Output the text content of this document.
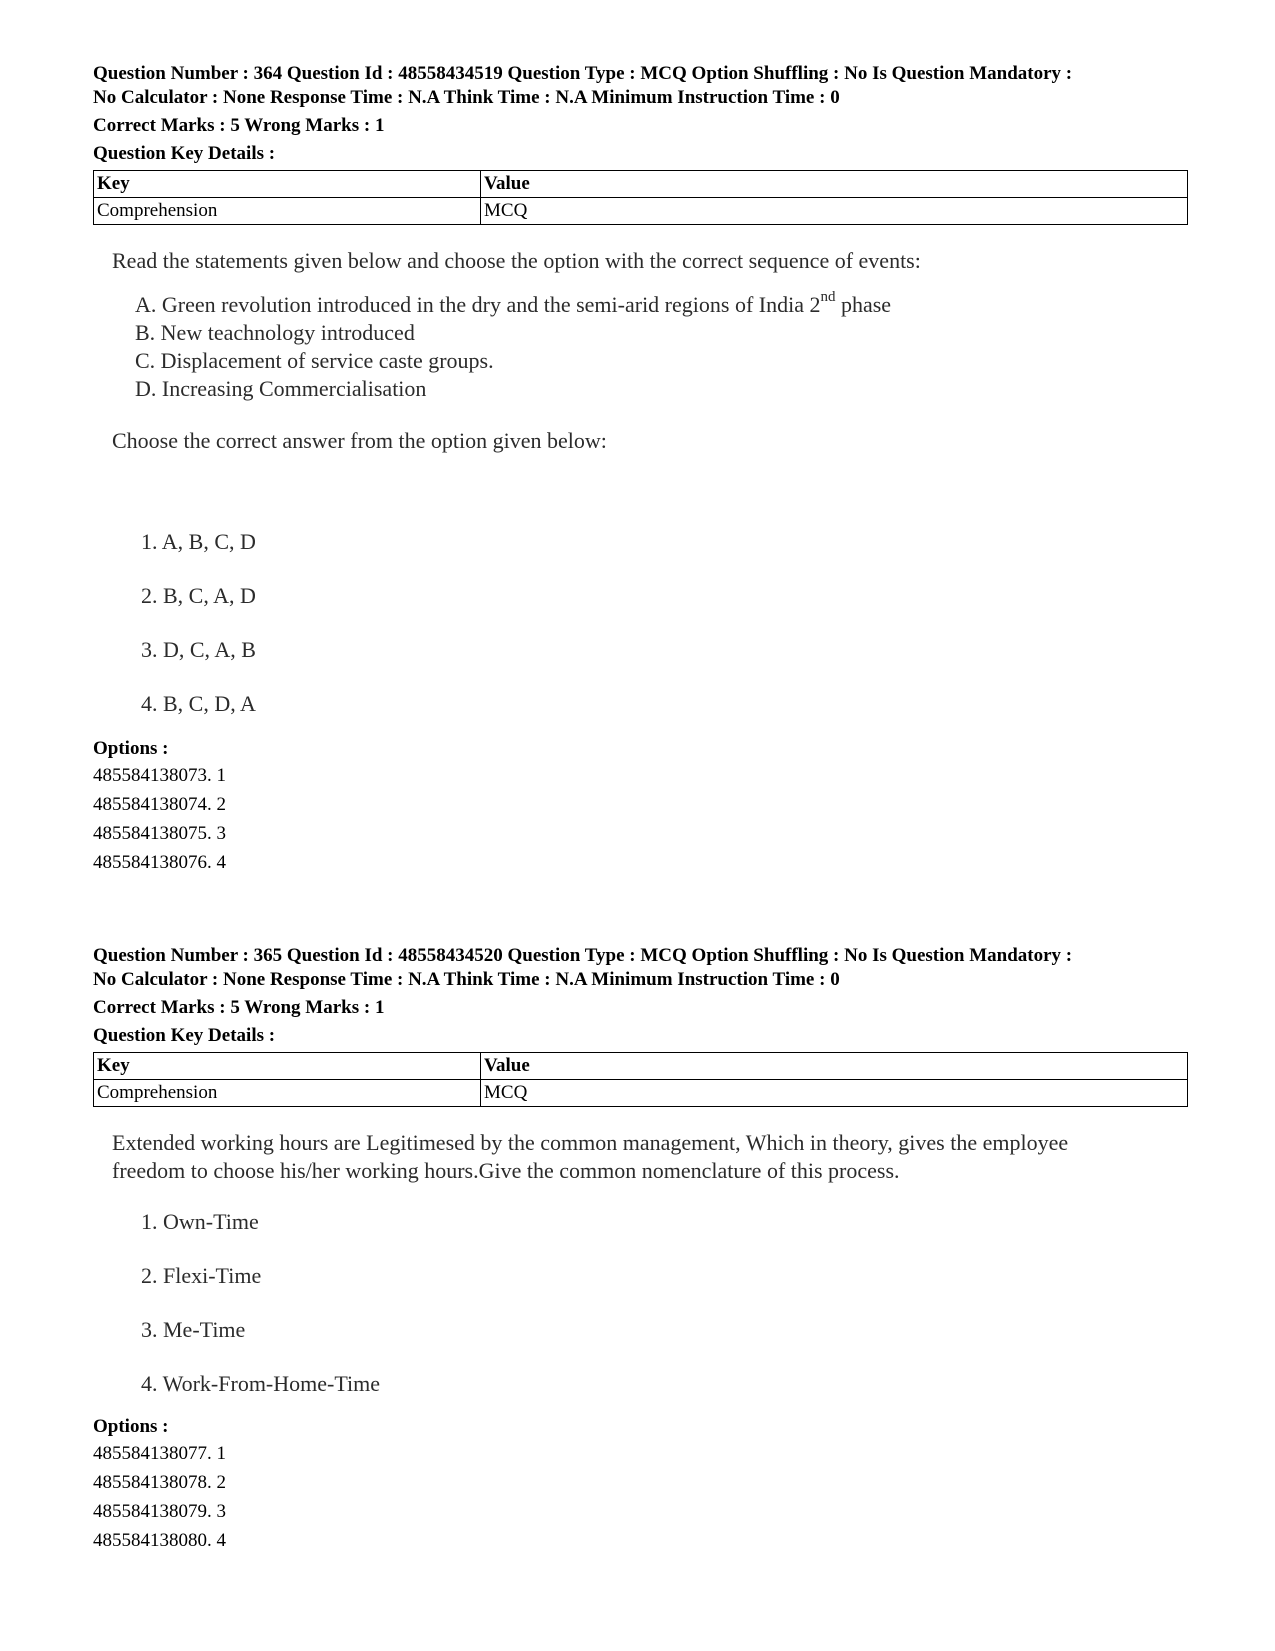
Question Number : 364 Question Id : 48558434519 Question Type : MCQ Option Shuffling : No Is Question Mandatory :

No Calculator : None Response Time : N.A Think Time : N.A Minimum Instruction Time : 0

Correct Marks : 5 Wrong Marks : 1
Question Key Details :
Key	Value
Comprehension	MCQ
Read the statements given below and choose the option with the correct sequence of events:
A. Green revolution introduced in the dry and the semi-arid regions of India 2nd phase
B. New teachnology introduced
C. Displacement of service caste groups.
D. Increasing Commercialisation
Choose the correct answer from the option given below:
1. A, B, C, D
2. B, C, A, D
3. D, C, A, B
4. B, C, D, A
Options :
485584138073. 1
485584138074. 2
485584138075. 3
485584138076. 4

Question Number : 365 Question Id : 48558434520 Question Type : MCQ Option Shuffling : No Is Question Mandatory :

No Calculator : None Response Time : N.A Think Time : N.A Minimum Instruction Time : 0

Correct Marks : 5 Wrong Marks : 1
Question Key Details :
Key	Value
Comprehension	MCQ
Extended working hours are Legitimesed by the common management, Which in theory, gives the employee
freedom to choose his/her working hours.Give the common nomenclature of this process.
1. Own-Time
2. Flexi-Time
3. Me-Time
4. Work-From-Home-Time
Options :
485584138077. 1
485584138078. 2
485584138079. 3
485584138080. 4
